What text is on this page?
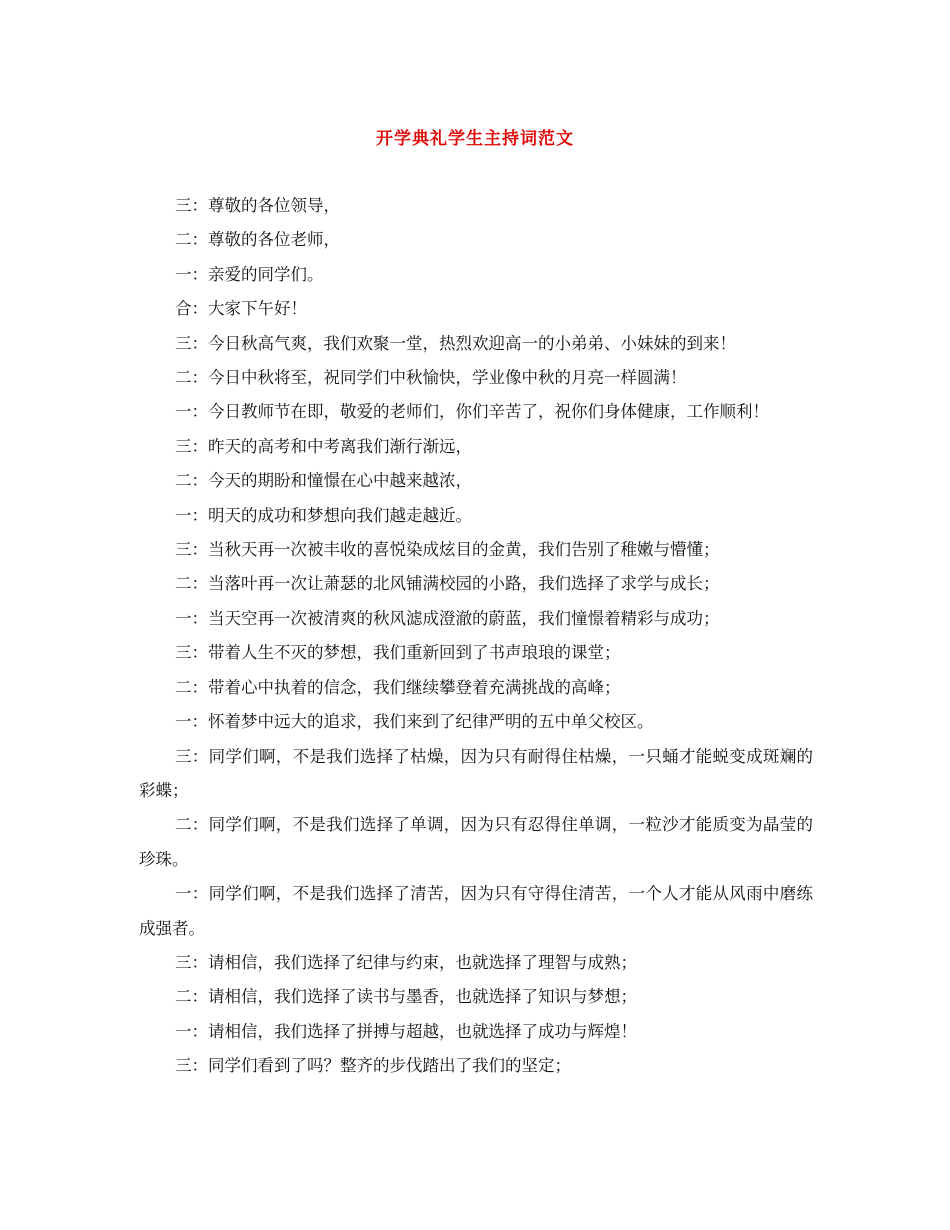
开学典礼学生主持词范文

三：尊敬的各位领导，

二：尊敬的各位老师，

一：亲爱的同学们。

合：大家下午好！

三：今日秋高气爽，我们欢聚一堂，热烈欢迎高一的小弟弟、小妹妹的到来！

二：今日中秋将至，祝同学们中秋愉快，学业像中秋的月亮一样圆满！

一：今日教师节在即，敬爱的老师们，你们辛苦了，祝你们身体健康，工作顺利！

三：昨天的高考和中考离我们渐行渐远，

二：今天的期盼和憧憬在心中越来越浓，

一：明天的成功和梦想向我们越走越近。

三：当秋天再一次被丰收的喜悦染成炫目的金黄，我们告别了稚嫩与懵懂；

二：当落叶再一次让萧瑟的北风铺满校园的小路，我们选择了求学与成长；

一：当天空再一次被清爽的秋风滤成澄澈的蔚蓝，我们憧憬着精彩与成功；

三：带着人生不灭的梦想，我们重新回到了书声琅琅的课堂；

二：带着心中执着的信念，我们继续攀登着充满挑战的高峰；

一：怀着梦中远大的追求，我们来到了纪律严明的五中单父校区。

三：同学们啊，不是我们选择了枯燥，因为只有耐得住枯燥，一只蛹才能蜕变成斑斓的彩蝶；

二：同学们啊，不是我们选择了单调，因为只有忍得住单调，一粒沙才能质变为晶莹的珍珠。

一：同学们啊，不是我们选择了清苦，因为只有守得住清苦，一个人才能从风雨中磨练成强者。

三：请相信，我们选择了纪律与约束，也就选择了理智与成熟；

二：请相信，我们选择了读书与墨香，也就选择了知识与梦想；

一：请相信，我们选择了拼搏与超越，也就选择了成功与辉煌！

三：同学们看到了吗？整齐的步伐踏出了我们的坚定；
